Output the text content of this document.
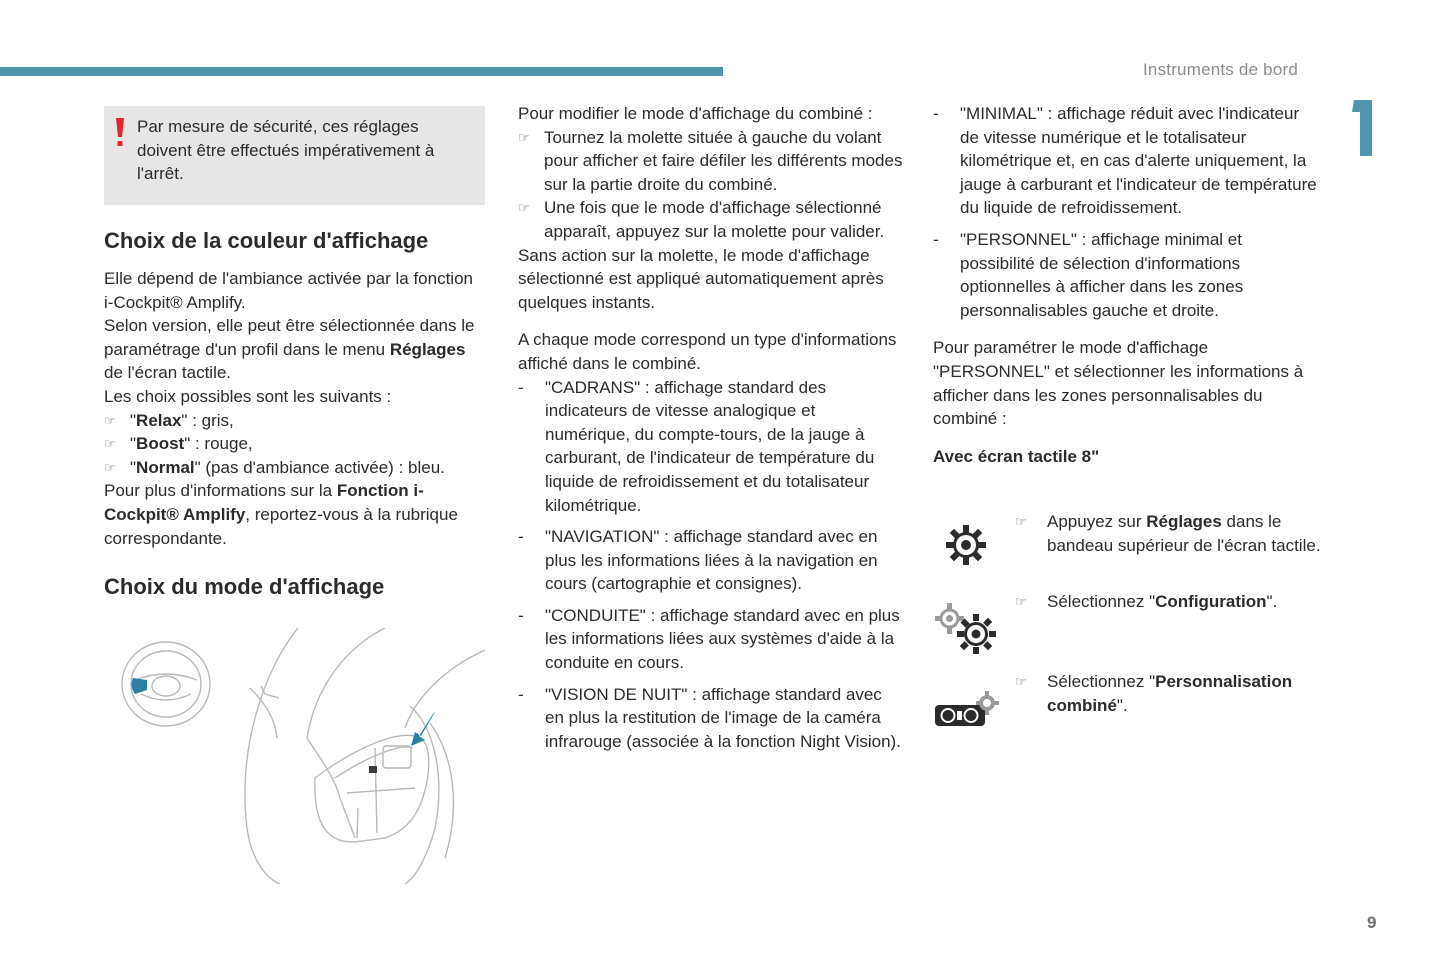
Instruments de bord
1
Par mesure de sécurité, ces réglages doivent être effectués impérativement à l'arrêt.
Choix de la couleur d'affichage

Elle dépend de l'ambiance activée par la fonction i-Cockpit® Amplify.

Selon version, elle peut être sélectionnée dans le paramétrage d'un profil dans le menu Réglages de l'écran tactile.

Les choix possibles sont les suivants :

☞ "Relax" : gris,
☞ "Boost" : rouge,
☞ "Normal" (pas d'ambiance activée) : bleu.

Pour plus d'informations sur la Fonction i-Cockpit® Amplify, reportez-vous à la rubrique correspondante.

Choix du mode d'affichage

Pour modifier le mode d'affichage du combiné :

☞ Tournez la molette située à gauche du volant pour afficher et faire défiler les différents modes sur la partie droite du combiné.
☞ Une fois que le mode d'affichage sélectionné apparaît, appuyez sur la molette pour valider.

Sans action sur la molette, le mode d'affichage sélectionné est appliqué automatiquement après quelques instants.

A chaque mode correspond un type d'informations affiché dans le combiné.

- "CADRANS" : affichage standard des indicateurs de vitesse analogique et numérique, du compte-tours, de la jauge à carburant, de l'indicateur de température du liquide de refroidissement et du totalisateur kilométrique.
- "NAVIGATION" : affichage standard avec en plus les informations liées à la navigation en cours (cartographie et consignes).
- "CONDUITE" : affichage standard avec en plus les informations liées aux systèmes d'aide à la conduite en cours.
- "VISION DE NUIT" : affichage standard avec en plus la restitution de l'image de la caméra infrarouge (associée à la fonction Night Vision).
- "MINIMAL" : affichage réduit avec l'indicateur de vitesse numérique et le totalisateur kilométrique et, en cas d'alerte uniquement, la jauge à carburant et l'indicateur de température du liquide de refroidissement.
- "PERSONNEL" : affichage minimal et possibilité de sélection d'informations optionnelles à afficher dans les zones personnalisables gauche et droite.

Pour paramétrer le mode d'affichage "PERSONNEL" et sélectionner les informations à afficher dans les zones personnalisables du combiné :

Avec écran tactile 8"

☞	Appuyez sur Réglages dans le bandeau supérieur de l'écran tactile.
☞	Sélectionnez "Configuration".
☞	Sélectionnez "Personnalisation combiné".
9
